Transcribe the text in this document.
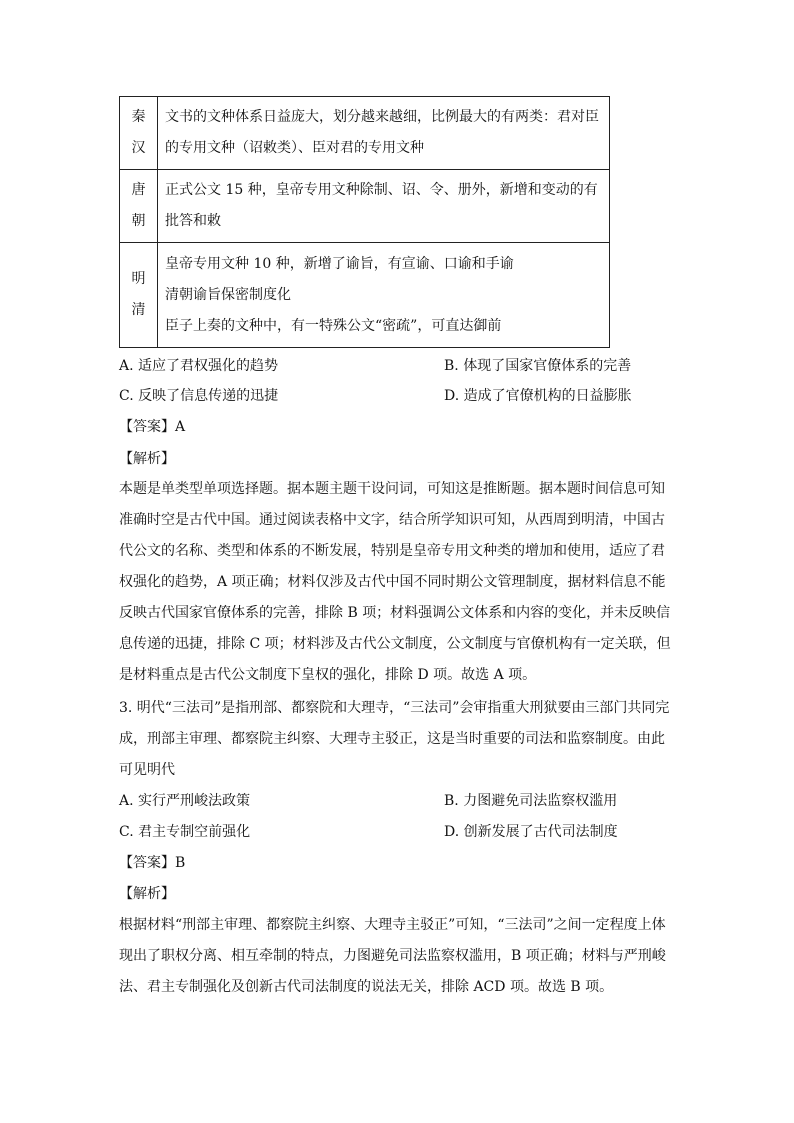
秦
汉	文书的文种体系日益庞大，划分越来越细，比例最大的有两类：君对臣
的专用文种（诏敕类）、臣对君的专用文种

唐
朝	正式公文 15 种，皇帝专用文种除制、诏、令、册外，新增和变动的有
批答和敕

明
清	皇帝专用文种 10 种，新增了谕旨，有宣谕、口谕和手谕
清朝谕旨保密制度化
臣子上奏的文种中，有一特殊公文“密疏”，可直达御前
A. 适应了君权强化的趋势	B. 体现了国家官僚体系的完善
C. 反映了信息传递的迅捷	D. 造成了官僚机构的日益膨胀
【答案】A
【解析】
本题是单类型单项选择题。据本题主题干设问词，可知这是推断题。据本题时间信息可知
准确时空是古代中国。通过阅读表格中文字，结合所学知识可知，从西周到明清，中国古
代公文的名称、类型和体系的不断发展，特别是皇帝专用文种类的增加和使用，适应了君
权强化的趋势，A 项正确；材料仅涉及古代中国不同时期公文管理制度，据材料信息不能
反映古代国家官僚体系的完善，排除 B 项；材料强调公文体系和内容的变化，并未反映信
息传递的迅捷，排除 C 项；材料涉及古代公文制度，公文制度与官僚机构有一定关联，但
是材料重点是古代公文制度下皇权的强化，排除 D 项。故选 A 项。
3. 明代“三法司”是指刑部、都察院和大理寺，“三法司”会审指重大刑狱要由三部门共同完
成，刑部主审理、都察院主纠察、大理寺主驳正，这是当时重要的司法和监察制度。由此
可见明代
A. 实行严刑峻法政策	B. 力图避免司法监察权滥用
C. 君主专制空前强化	D. 创新发展了古代司法制度
【答案】B
【解析】
根据材料“刑部主审理、都察院主纠察、大理寺主驳正”可知，“三法司”之间一定程度上体
现出了职权分离、相互牵制的特点，力图避免司法监察权滥用，B 项正确；材料与严刑峻
法、君主专制强化及创新古代司法制度的说法无关，排除 ACD 项。故选 B 项。
